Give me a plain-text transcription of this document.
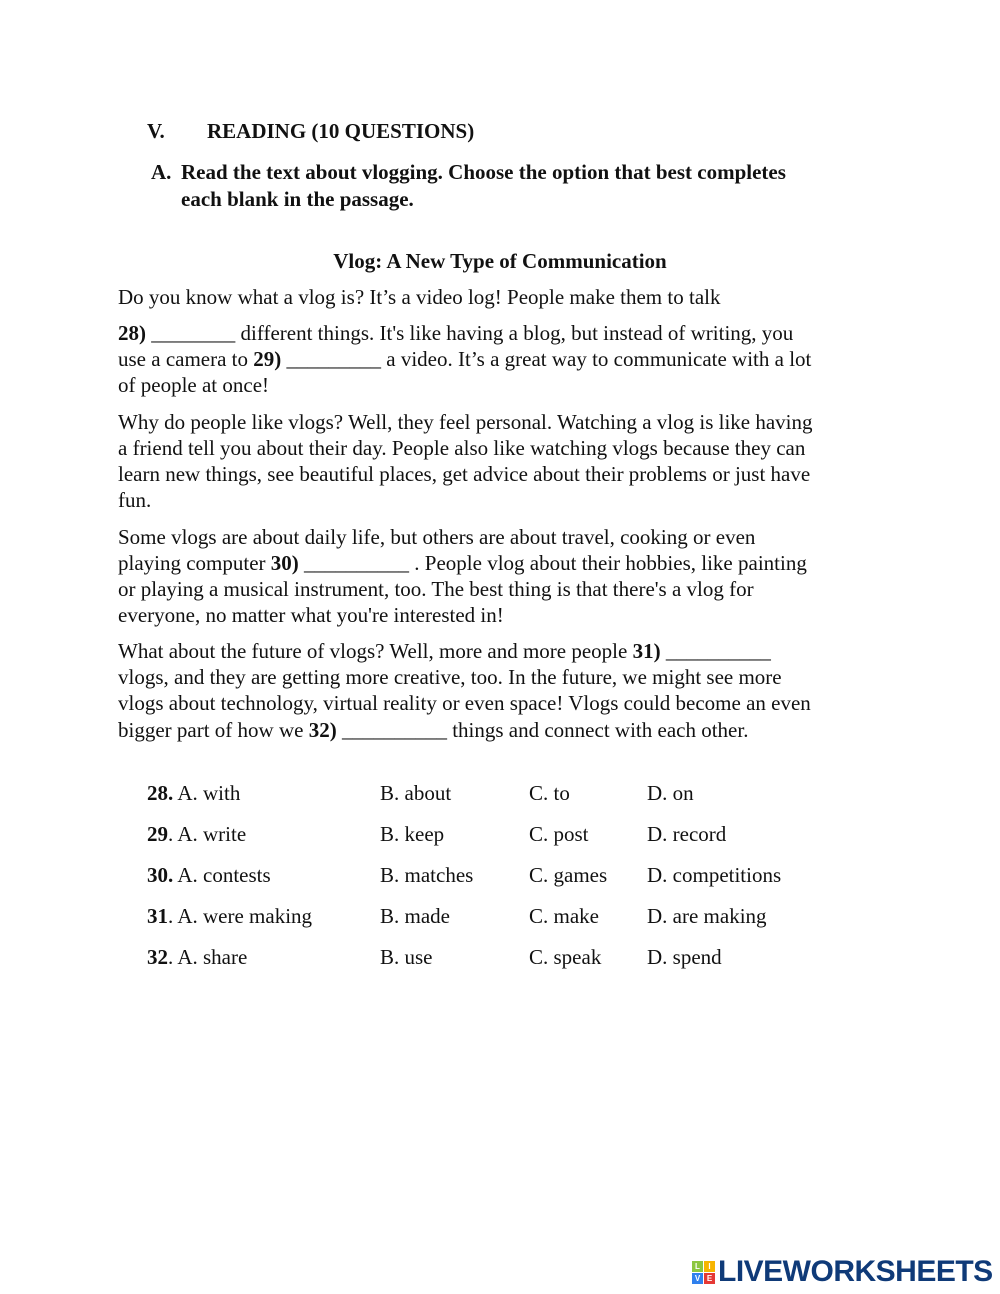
V. READING (10 QUESTIONS)
A. Read the text about vlogging. Choose the option that best completes
each blank in the passage.
Vlog: A New Type of Communication
Do you know what a vlog is? It’s a video log! People make them to talk
28) ________ different things. It's like having a blog, but instead of writing, you
use a camera to 29) _________ a video. It’s a great way to communicate with a lot
of people at once!
Why do people like vlogs? Well, they feel personal. Watching a vlog is like having
a friend tell you about their day. People also like watching vlogs because they can
learn new things, see beautiful places, get advice about their problems or just have
fun.
Some vlogs are about daily life, but others are about travel, cooking or even
playing computer 30) __________ . People vlog about their hobbies, like painting
or playing a musical instrument, too. The best thing is that there's a vlog for
everyone, no matter what you're interested in!
What about the future of vlogs? Well, more and more people 31) __________
vlogs, and they are getting more creative, too. In the future, we might see more
vlogs about technology, virtual reality or even space! Vlogs could become an even
bigger part of how we 32) __________ things and connect with each other.
28. A. with	B. about	C. to	D. on
29. A. write	B. keep	C. post	D. record
30. A. contests	B. matches	C. games D. competitions
31. A. were making	B. made	C. make D. are making
32. A. share	B. use	C. speak D. spend
L	I
V E LIVEWORKSHEETS
